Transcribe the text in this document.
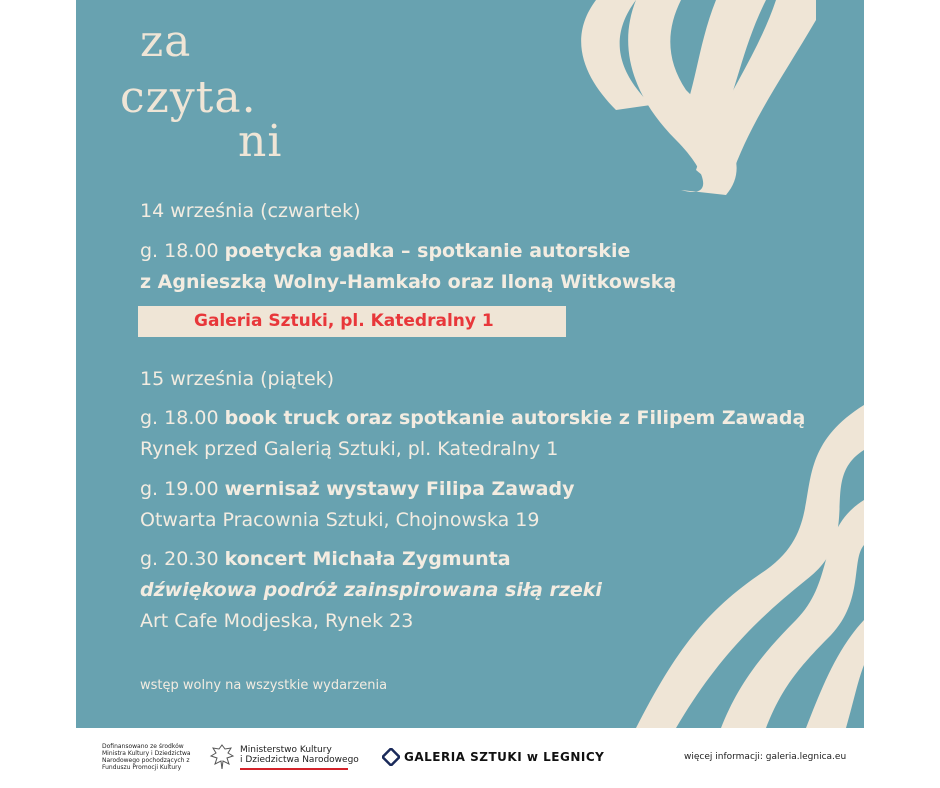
za
czyta.
ni
14 września (czwartek)
g. 18.00 poetycka gadka – spotkanie autorskie
z Agnieszką Wolny-Hamkało oraz Iloną Witkowską
Galeria Sztuki, pl. Katedralny 1
15 września (piątek)
g. 18.00 book truck oraz spotkanie autorskie z Filipem Zawadą
Rynek przed Galerią Sztuki, pl. Katedralny 1
g. 19.00 wernisaż wystawy Filipa Zawady
Otwarta Pracownia Sztuki, Chojnowska 19
g. 20.30 koncert Michała Zygmunta
dźwiękowa podróż zainspirowana siłą rzeki
Art Cafe Modjeska, Rynek 23
wstęp wolny na wszystkie wydarzenia
Dofinansowano ze środków Ministra Kultury i Dziedzictwa Narodowego pochodzących z Funduszu Promocji Kultury
Ministerstwo Kultury
i Dziedzictwa Narodowego	GALERIA SZTUKI w LEGNICY	więcej informacji: galeria.legnica.eu
